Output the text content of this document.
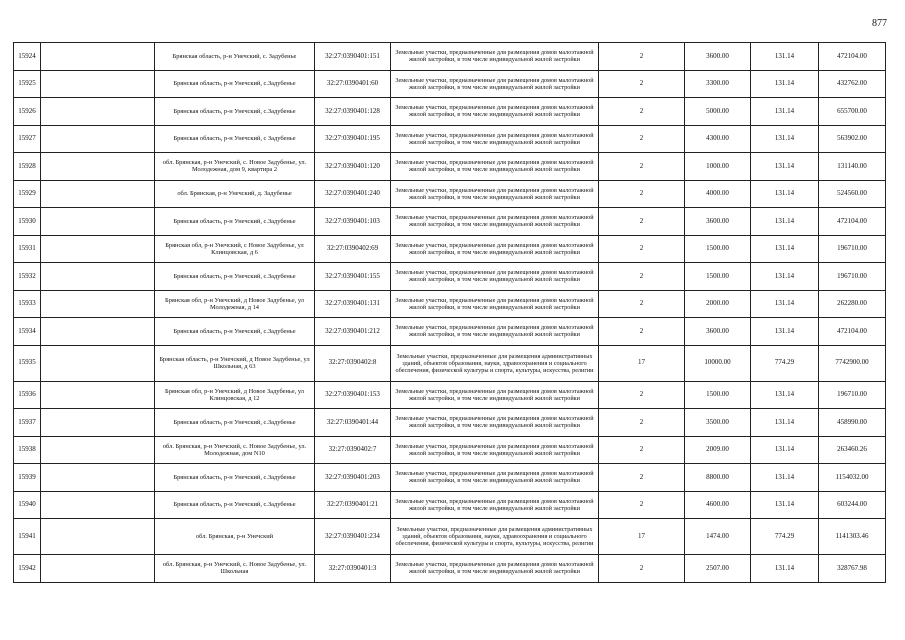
877
15924		Брянская область, р-н Унечский, с. Задубенье	32:27:0390401:151	Земельные участки, предназначенные для размещения домов малоэтажной жилой застройки, в том числе индивидуальной жилой застройки	2	3600.00	131.14	472104.00
15925		Брянская область, р-н Унечский, с.Задубенье	32:27:0390401:60	Земельные участки, предназначенные для размещения домов малоэтажной жилой застройки, в том числе индивидуальной жилой застройки	2	3300.00	131.14	432762.00
15926		Брянская область, р-н Унечский, с.Задубенье	32:27:0390401:128	Земельные участки, предназначенные для размещения домов малоэтажной жилой застройки, в том числе индивидуальной жилой застройки	2	5000.00	131.14	655700.00
15927		Брянская область, р-н Унечский, с Задубенье	32:27:0390401:195	Земельные участки, предназначенные для размещения домов малоэтажной жилой застройки, в том числе индивидуальной жилой застройки	2	4300.00	131.14	563902.00
15928		обл. Брянская, р-н Унечский, с. Новое Задубенье, ул. Молодежная, дом 9, квартира 2	32:27:0390401:120	Земельные участки, предназначенные для размещения домов малоэтажной жилой застройки, в том числе индивидуальной жилой застройки	2	1000.00	131.14	131140.00
15929		обл. Брянская, р-н Унечский, д. Задубенье	32:27:0390401:240	Земельные участки, предназначенные для размещения домов малоэтажной жилой застройки, в том числе индивидуальной жилой застройки	2	4000.00	131.14	524560.00
15930		Брянская область, р-н Унечский, с.Задубенье	32:27:0390401:103	Земельные участки, предназначенные для размещения домов малоэтажной жилой застройки, в том числе индивидуальной жилой застройки	2	3600.00	131.14	472104.00
15931		Брянская обл, р-н Унечский, с Новое Задубенье, ул Клинцовская, д 6	32:27:0390402:69	Земельные участки, предназначенные для размещения домов малоэтажной жилой застройки, в том числе индивидуальной жилой застройки	2	1500.00	131.14	196710.00
15932		Брянская область, р-н Унечский, с.Задубенье	32:27:0390401:155	Земельные участки, предназначенные для размещения домов малоэтажной жилой застройки, в том числе индивидуальной жилой застройки	2	1500.00	131.14	196710.00
15933		Брянская обл, р-н Унечский, д Новое Задубенье, ул Молодежная, д 14	32:27:0390401:131	Земельные участки, предназначенные для размещения домов малоэтажной жилой застройки, в том числе индивидуальной жилой застройки	2	2000.00	131.14	262280.00
15934		Брянская область, р-н Унечский, с.Задубенье	32:27:0390401:212	Земельные участки, предназначенные для размещения домов малоэтажной жилой застройки, в том числе индивидуальной жилой застройки	2	3600.00	131.14	472104.00
15935		Брянская область, р-н Унечский, д Новое Задубенье, ул Школьная, д 63	32:27:0390402:8	Земельные участки, предназначенные для размещения административных зданий, объектов образования, науки, здравоохранения и социального обеспечения, физической культуры и спорта, культуры, искусства, религии	17	10000.00	774.29	7742900.00
15936		Брянская обл, р-н Унечский, д Новое Задубенье, ул Клинцовская, д 12	32:27:0390401:153	Земельные участки, предназначенные для размещения домов малоэтажной жилой застройки, в том числе индивидуальной жилой застройки	2	1500.00	131.14	196710.00
15937		Брянская область, р-н Унечский, с.Задубенье	32:27:0390401:44	Земельные участки, предназначенные для размещения домов малоэтажной жилой застройки, в том числе индивидуальной жилой застройки	2	3500.00	131.14	458990.00
15938		обл. Брянская, р-н Унечский, с. Новое Задубенье, ул. Молодежная, дом N10	32:27:0390402:7	Земельные участки, предназначенные для размещения домов малоэтажной жилой застройки, в том числе индивидуальной жилой застройки	2	2009.00	131.14	263460.26
15939		Брянская область, р-н Унечский, с.Задубенье	32:27:0390401:203	Земельные участки, предназначенные для размещения домов малоэтажной жилой застройки, в том числе индивидуальной жилой застройки	2	8800.00	131.14	1154032.00
15940		Брянская область, р-н Унечский, с.Задубенье	32:27:0390401:21	Земельные участки, предназначенные для размещения домов малоэтажной жилой застройки, в том числе индивидуальной жилой застройки	2	4600.00	131.14	603244.00
15941		обл. Брянская, р-н Унечский	32:27:0390401:234	Земельные участки, предназначенные для размещения административных зданий, объектов образования, науки, здравоохранения и социального обеспечения, физической культуры и спорта, культуры, искусства, религии	17	1474.00	774.29	1141303.46
15942		обл. Брянская, р-н Унечский, с. Новое Задубенье, ул. Школьная	32:27:0390401:3	Земельные участки, предназначенные для размещения домов малоэтажной жилой застройки, в том числе индивидуальной жилой застройки	2	2507.00	131.14	328767.98
